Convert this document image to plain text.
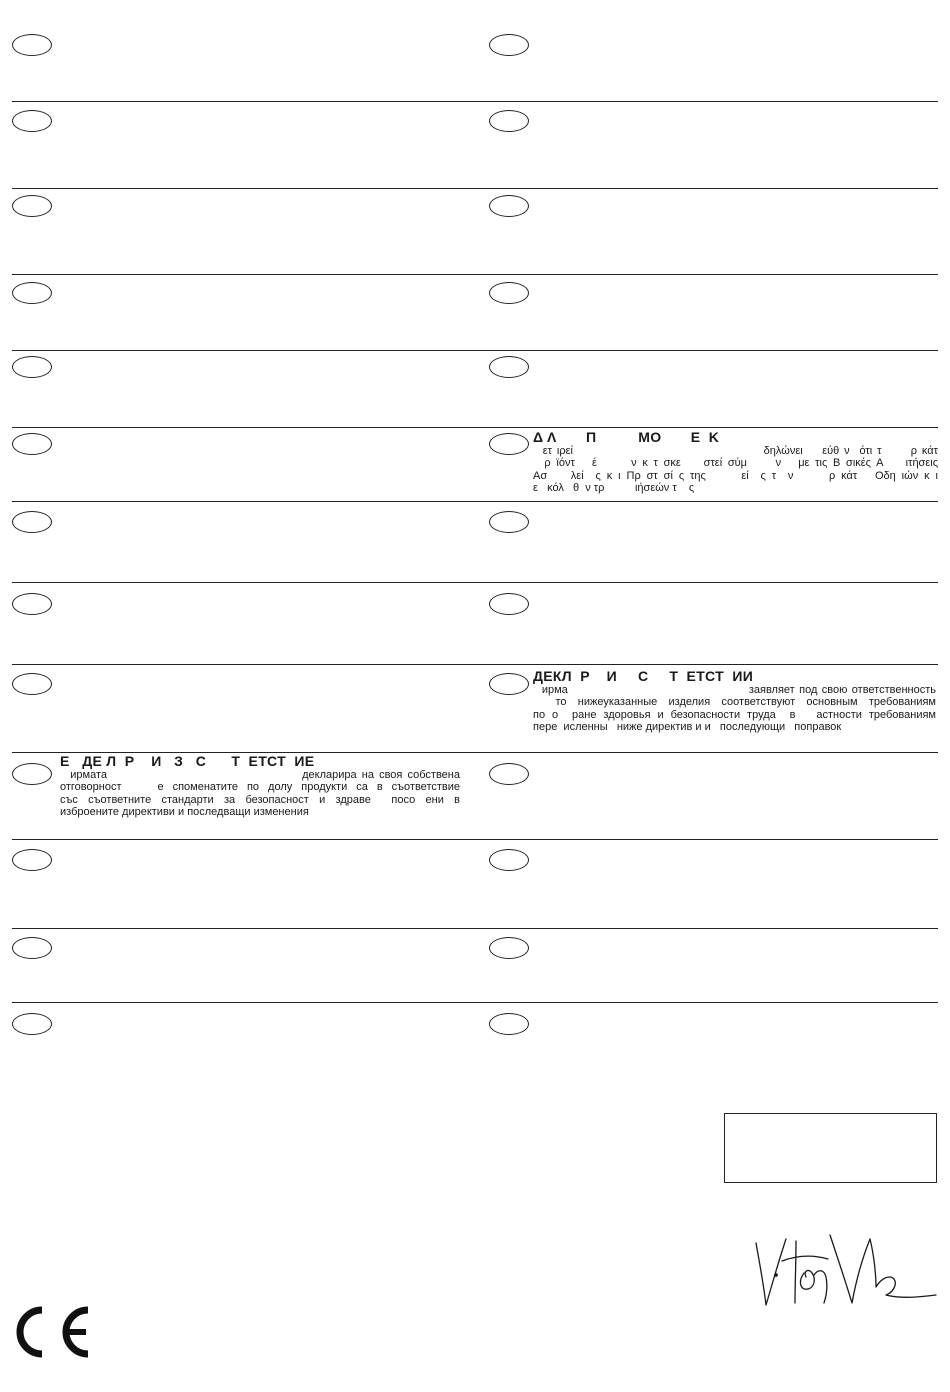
Δ Λ       Π          ΜΟ       Ε  Κ
ετ ιρεί                                       δηλώνει    εύθ ν  ότι τ      ρ κάτ
ρ ϊόντ   έ      ν κ τ σκε    στεί σύμ     ν   με τις Β σικές Α    ιτήσεις
Ασ    λεί  ς κ ι Πρ στ σί ς της      εί  ς τ  ν      ρ κάτ   Οδη ιών κ ι
ε   κόλ   θ  ν τρ          ιήσεών τ    ς
ДЕКЛ  Р    И     С     Т  ЕТСТ  ИИ
ирма                                         заявляет под свою ответственность
то нижеуказанные изделия соответствуют основным требованиям
по о  ране здоровья и безопасности труда  в   астности требованиям
пере  исленны   ниже директив и и   последующи   поправок
Е   ДЕ Л  Р    И   З   С      Т  ЕТСТ  ИЕ
ирмата                                      декларира на своя собствена
отговорност    е споменатите по долу продукти са в съответствие
със съответните стандарти за безопасност и здраве  посо ени в
изброените директиви и последващи изменения
